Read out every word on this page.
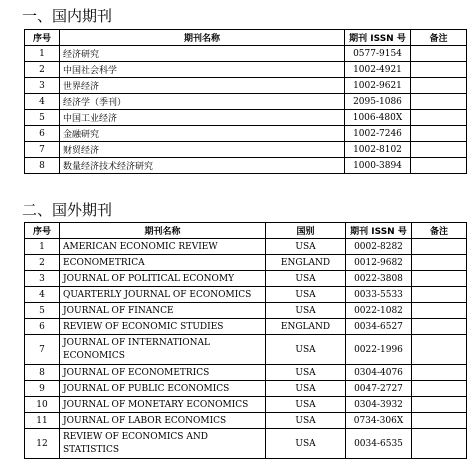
一、国内期刊
序号	期刊名称	期刊 ISSN 号	备注
1	经济研究	0577-9154	
2	中国社会科学	1002-4921	
3	世界经济	1002-9621	
4	经济学（季刊）	2095-1086	
5	中国工业经济	1006-480X	
6	金融研究	1002-7246	
7	财贸经济	1002-8102	
8	数量经济技术经济研究	1000-3894	
二、国外期刊
序号	期刊名称	国别	期刊 ISSN 号	备注
1	AMERICAN ECONOMIC REVIEW	USA	0002-8282	
2	ECONOMETRICA	ENGLAND	0012-9682	
3	JOURNAL OF POLITICAL ECONOMY	USA	0022-3808	
4	QUARTERLY JOURNAL OF ECONOMICS	USA	0033-5533	
5	JOURNAL OF FINANCE	USA	0022-1082	
6	REVIEW OF ECONOMIC STUDIES	ENGLAND	0034-6527	
7	JOURNAL OF INTERNATIONAL ECONOMICS	USA	0022-1996	
8	JOURNAL OF ECONOMETRICS	USA	0304-4076	
9	JOURNAL OF PUBLIC ECONOMICS	USA	0047-2727	
10	JOURNAL OF MONETARY ECONOMICS	USA	0304-3932	
11	JOURNAL OF LABOR ECONOMICS	USA	0734-306X	
12	REVIEW OF ECONOMICS AND STATISTICS	USA	0034-6535	
